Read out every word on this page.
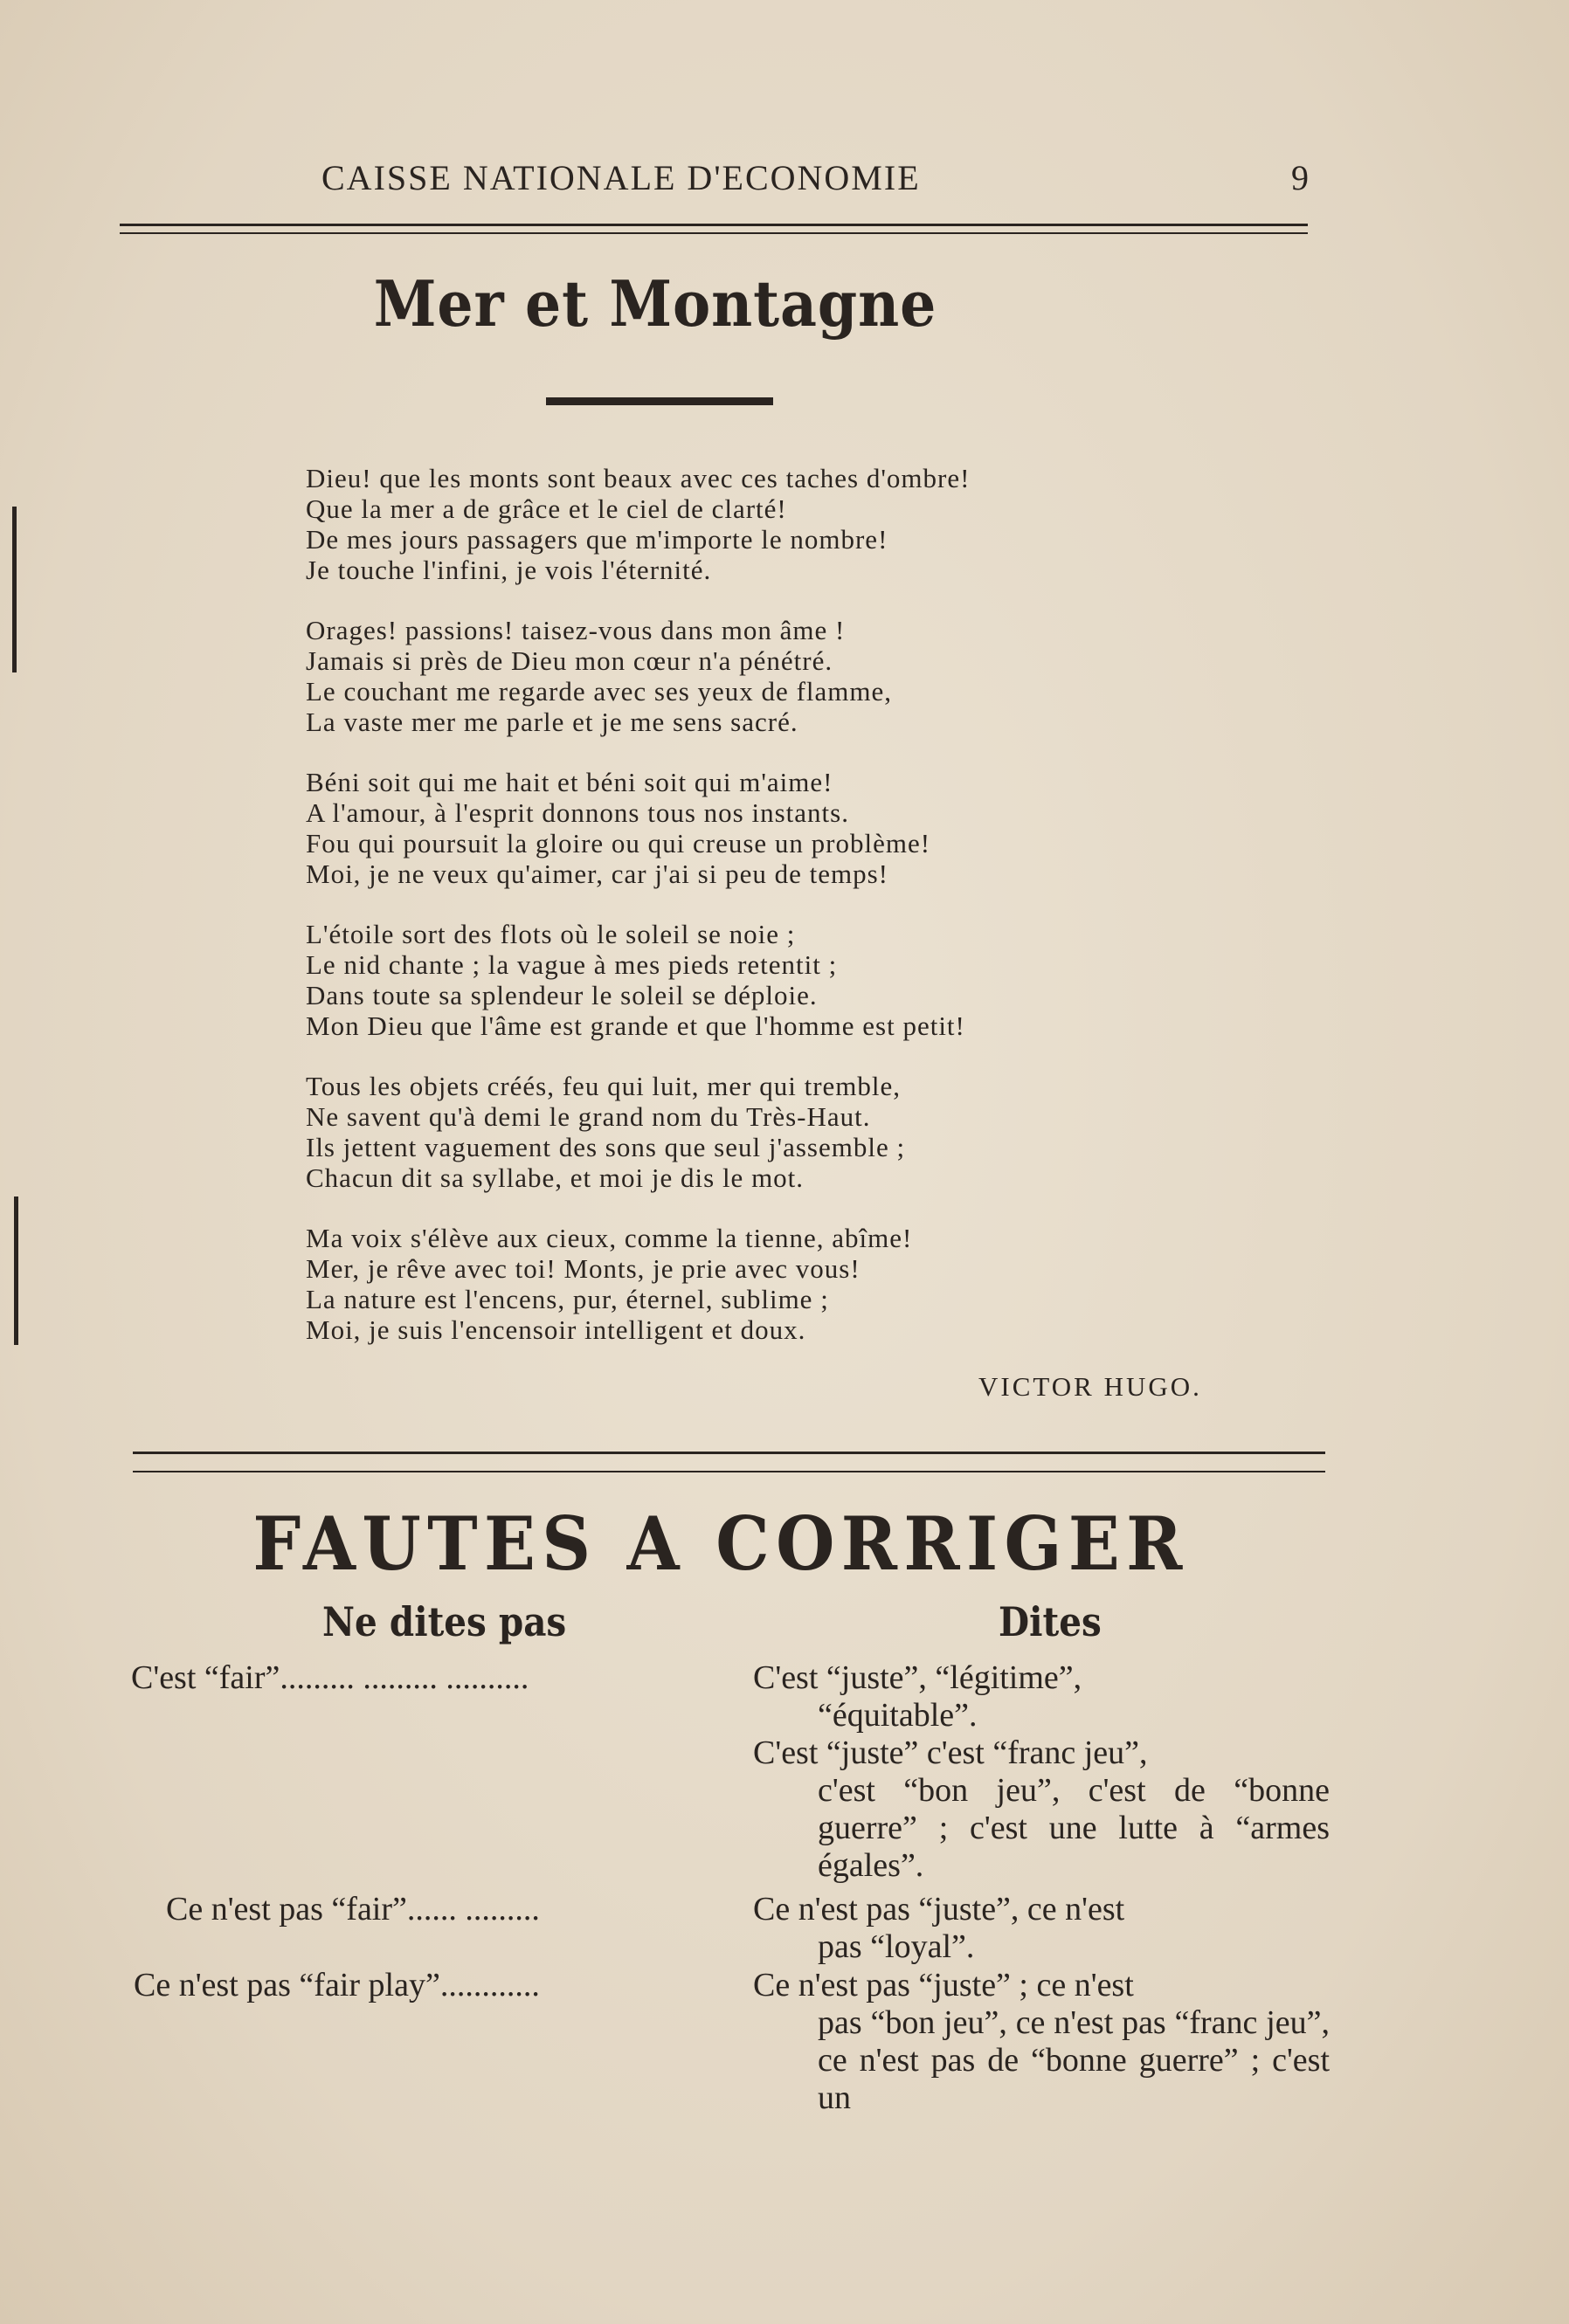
CAISSE NATIONALE D'ECONOMIE	9
Mer et Montagne
Dieu! que les monts sont beaux avec ces taches d'ombre!
Que la mer a de grâce et le ciel de clarté!
De mes jours passagers que m'importe le nombre!
Je touche l'infini, je vois l'éternité.
Orages! passions! taisez-vous dans mon âme !
Jamais si près de Dieu mon cœur n'a pénétré.
Le couchant me regarde avec ses yeux de flamme,
La vaste mer me parle et je me sens sacré.
Béni soit qui me hait et béni soit qui m'aime!
A l'amour, à l'esprit donnons tous nos instants.
Fou qui poursuit la gloire ou qui creuse un problème!
Moi, je ne veux qu'aimer, car j'ai si peu de temps!
L'étoile sort des flots où le soleil se noie ;
Le nid chante ; la vague à mes pieds retentit ;
Dans toute sa splendeur le soleil se déploie.
Mon Dieu que l'âme est grande et que l'homme est petit!
Tous les objets créés, feu qui luit, mer qui tremble,
Ne savent qu'à demi le grand nom du Très-Haut.
Ils jettent vaguement des sons que seul j'assemble ;
Chacun dit sa syllabe, et moi je dis le mot.
Ma voix s'élève aux cieux, comme la tienne, abîme!
Mer, je rêve avec toi! Monts, je prie avec vous!
La nature est l'encens, pur, éternel, sublime ;
Moi, je suis l'encensoir intelligent et doux.
VICTOR HUGO.
FAUTES A CORRIGER
Ne dites pas	Dites
C'est “fair”......... ......... ..........	C'est “juste”, “légitime”,
“équitable”.
C'est “juste” c'est “franc jeu”,
c'est “bon jeu”, c'est de “bonne guerre” ; c'est une lutte à “armes égales”.
Ce n'est pas “fair”...... .........	Ce n'est pas “juste”, ce n'est
pas “loyal”.
Ce n'est pas “fair play”............	Ce n'est pas “juste” ; ce n'est
pas “bon jeu”, ce n'est pas “franc jeu”, ce n'est pas de “bonne guerre” ; c'est un
